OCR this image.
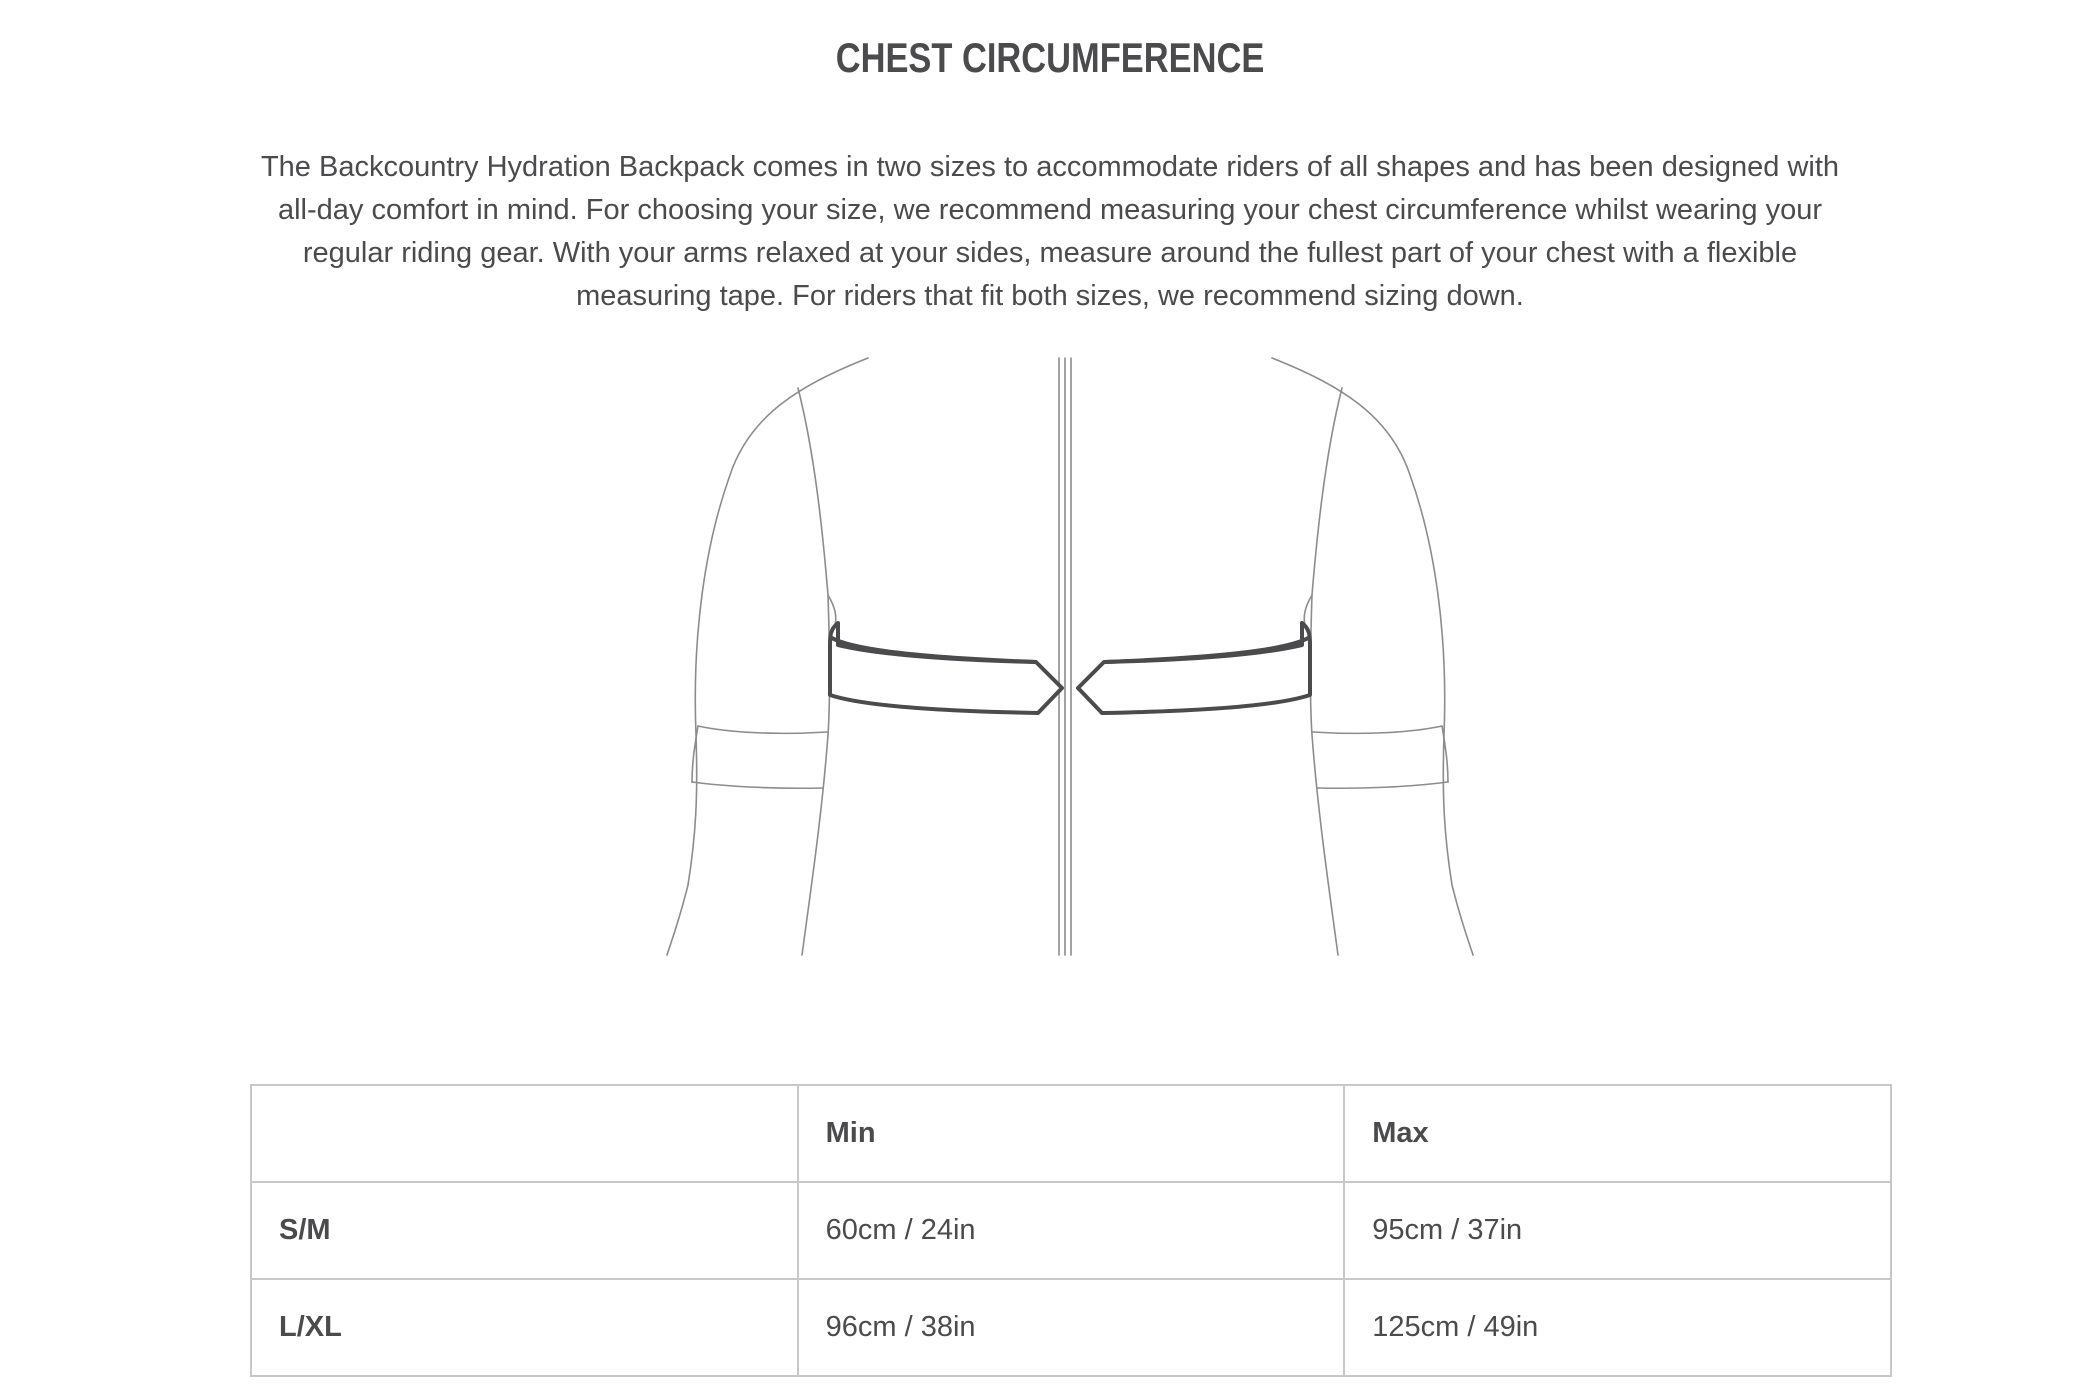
CHEST CIRCUMFERENCE

The Backcountry Hydration Backpack comes in two sizes to accommodate riders of all shapes and has been designed with all-day comfort in mind. For choosing your size, we recommend measuring your chest circumference whilst wearing your regular riding gear. With your arms relaxed at your sides, measure around the fullest part of your chest with a flexible measuring tape. For riders that fit both sizes, we recommend sizing down.

	Min	Max
S/M	60cm / 24in	95cm / 37in
L/XL	96cm / 38in	125cm / 49in
